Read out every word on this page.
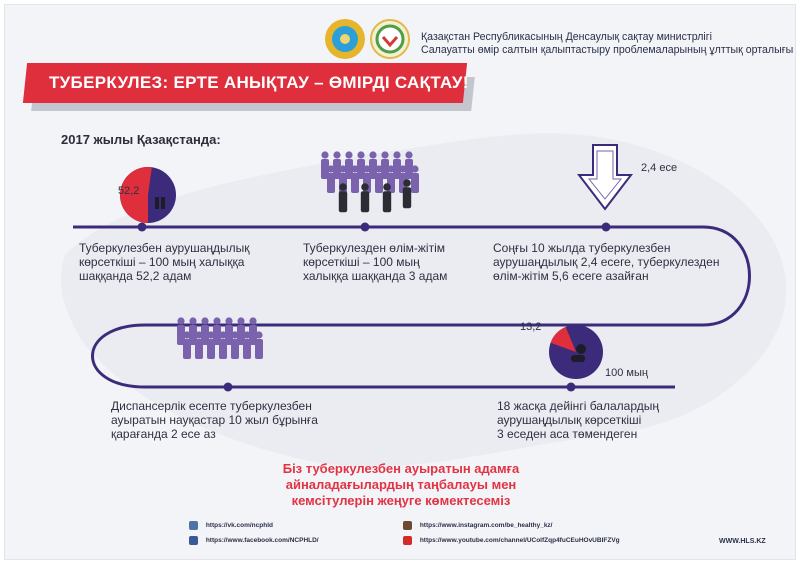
Қазақстан Республикасының Денсаулық сақтау министрлігі
Салауатты өмір салтын қалыптастыру проблемаларының ұлттық орталығы
ТУБЕРКУЛЕЗ: ЕРТЕ АНЫҚТАУ – ӨМІРДІ САҚТАУ!
2017 жылы Қазақстанда:
52,2
2,4 есе
13,2
100 мың
Туберкулезбен аурушаңдылық
көрсеткіші – 100 мың халыққа
шаққанда 52,2 адам
Туберкулезден өлім-жітім
көрсеткіші – 100 мың
халыққа шаққанда 3 адам
Соңғы 10 жылда туберкулезбен
аурушаңдылық 2,4 есеге, туберкулезден
өлім-жітім 5,6 есеге азайған
Диспансерлік есепте туберкулезбен
ауыратын науқастар 10 жыл бұрынға
қарағанда 2 есе аз
18 жасқа дейінгі балалардың
аурушаңдылық көрсеткіші
3 еседен аса төмендеген
Біз туберкулезбен ауыратын адамға
айналадағылардың таңбалауы мен
кемсітулерін жеңуге көмектесеміз
https://vk.com/ncphld
https://www.facebook.com/NCPHLD/
https://www.instagram.com/be_healthy_kz/
https://www.youtube.com/channel/UColfZqp4fuCEuHOvUBIFZVg	WWW.HLS.KZ
